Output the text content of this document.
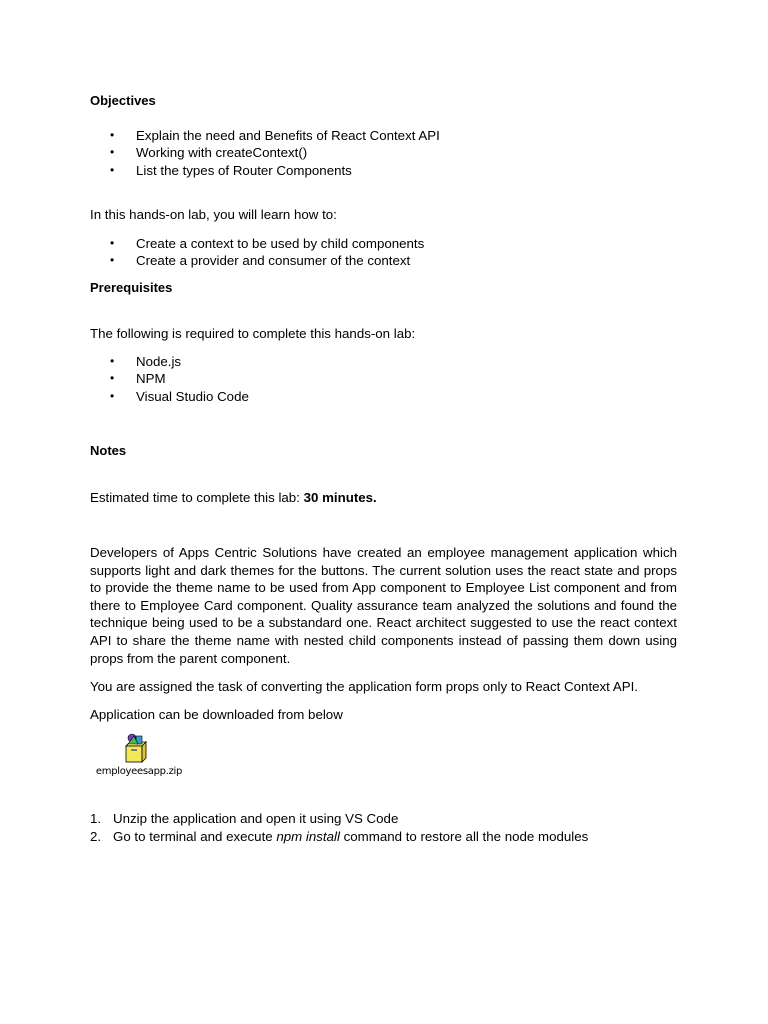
Objectives
• Explain the need and Benefits of React Context API
• Working with createContext()
• List the types of Router Components
In this hands-on lab, you will learn how to:
• Create a context to be used by child components
• Create a provider and consumer of the context
Prerequisites
The following is required to complete this hands-on lab:
• Node.js
• NPM
• Visual Studio Code
Notes
Estimated time to complete this lab: 30 minutes.
Developers of Apps Centric Solutions have created an employee management application which supports light and dark themes for the buttons. The current solution uses the react state and props to provide the theme name to be used from App component to Employee List component and from there to Employee Card component. Quality assurance team analyzed the solutions and found the technique being used to be a substandard one. React architect suggested to use the react context API to share the theme name with nested child components instead of passing them down using props from the parent component.
You are assigned the task of converting the application form props only to React Context API.
Application can be downloaded from below
employeesapp.zip
1. Unzip the application and open it using VS Code
2. Go to terminal and execute npm install command to restore all the node modules
